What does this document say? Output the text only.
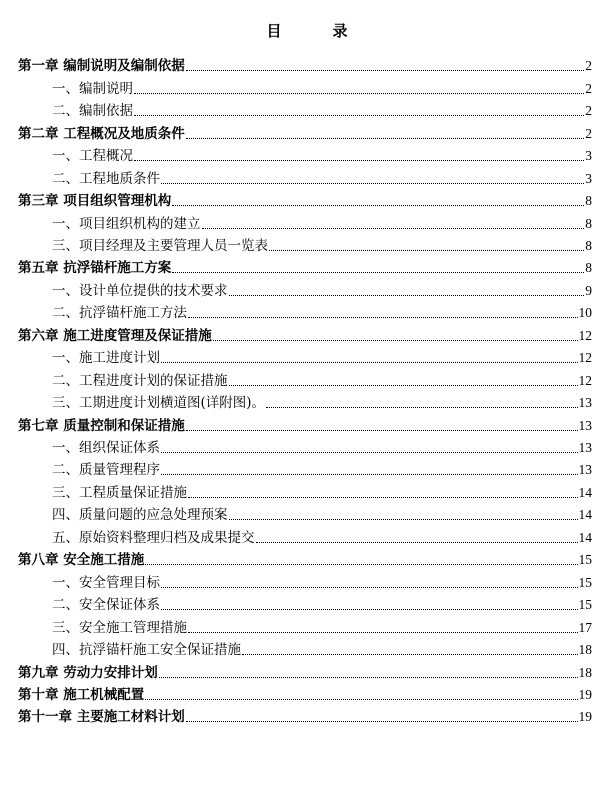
目　录
第一章 编制说明及编制依据	2
一、编制说明	2
二、编制依据	2
第二章 工程概况及地质条件	2
一、工程概况	3
二、工程地质条件	3
第三章 项目组织管理机构	8
一、项目组织机构的建立	8
三、项目经理及主要管理人员一览表	8
第五章 抗浮锚杆施工方案	8
一、设计单位提供的技术要求	9
二、抗浮锚杆施工方法	10
第六章 施工进度管理及保证措施	12
一、施工进度计划	12
二、工程进度计划的保证措施	12
三、工期进度计划横道图(详附图)。	13
第七章 质量控制和保证措施	13
一、组织保证体系	13
二、质量管理程序	13
三、工程质量保证措施	14
四、质量问题的应急处理预案	14
五、原始资料整理归档及成果提交	14
第八章 安全施工措施	15
一、安全管理目标	15
二、安全保证体系	15
三、安全施工管理措施	17
四、抗浮锚杆施工安全保证措施	18
第九章 劳动力安排计划	18
第十章 施工机械配置	19
第十一章 主要施工材料计划	19
